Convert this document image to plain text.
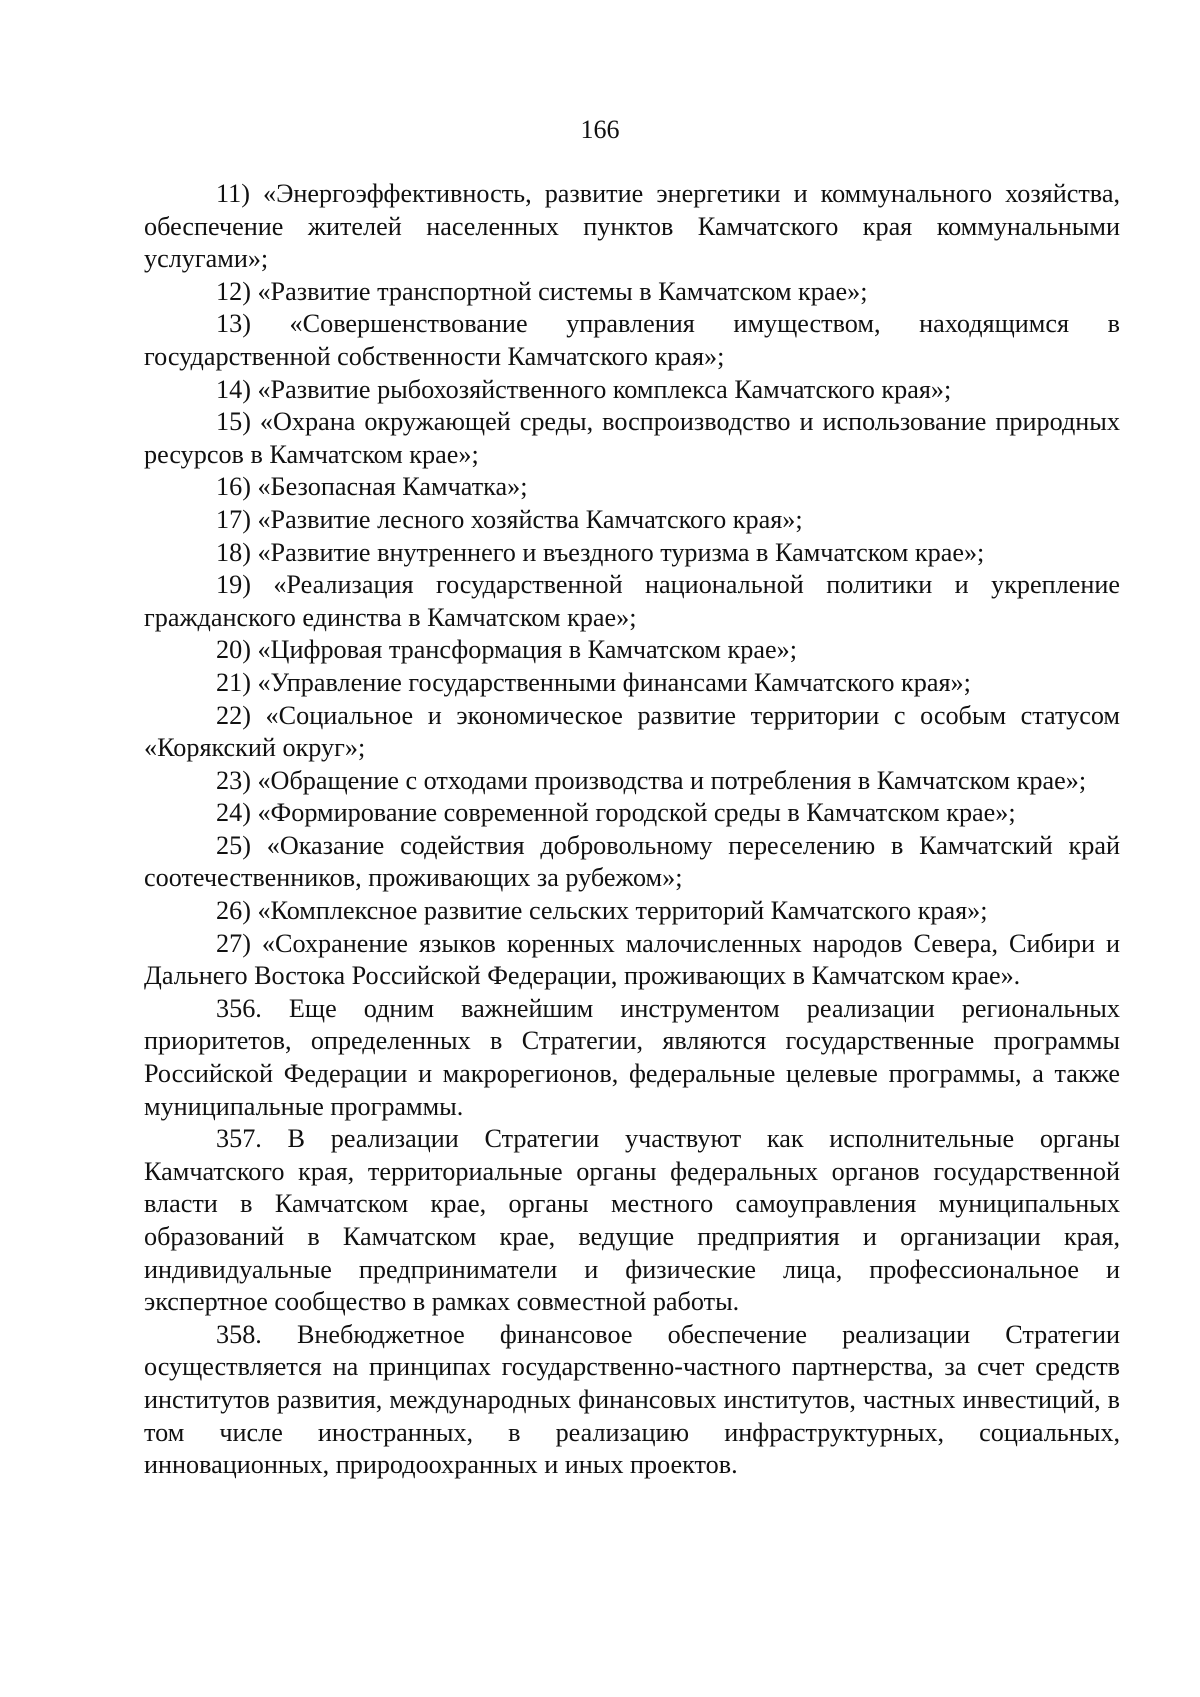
166

11) «Энергоэффективность, развитие энергетики и коммунального хозяйства, обеспечение жителей населенных пунктов Камчатского края коммунальными услугами»;

12) «Развитие транспортной системы в Камчатском крае»;

13) «Совершенствование управления имуществом, находящимся в государственной собственности Камчатского края»;

14) «Развитие рыбохозяйственного комплекса Камчатского края»;

15) «Охрана окружающей среды, воспроизводство и использование природных ресурсов в Камчатском крае»;

16) «Безопасная Камчатка»;

17) «Развитие лесного хозяйства Камчатского края»;

18) «Развитие внутреннего и въездного туризма в Камчатском крае»;

19) «Реализация государственной национальной политики и укрепление гражданского единства в Камчатском крае»;

20) «Цифровая трансформация в Камчатском крае»;

21) «Управление государственными финансами Камчатского края»;

22) «Социальное и экономическое развитие территории с особым статусом «Корякский округ»;

23) «Обращение с отходами производства и потребления в Камчатском крае»;

24) «Формирование современной городской среды в Камчатском крае»;

25) «Оказание содействия добровольному переселению в Камчатский край соотечественников, проживающих за рубежом»;

26) «Комплексное развитие сельских территорий Камчатского края»;

27) «Сохранение языков коренных малочисленных народов Севера, Сибири и Дальнего Востока Российской Федерации, проживающих в Камчатском крае».

356. Еще одним важнейшим инструментом реализации региональных приоритетов, определенных в Стратегии, являются государственные программы Российской Федерации и макрорегионов, федеральные целевые программы, а также муниципальные программы.

357. В реализации Стратегии участвуют как исполнительные органы Камчатского края, территориальные органы федеральных органов государственной власти в Камчатском крае, органы местного самоуправления муниципальных образований в Камчатском крае, ведущие предприятия и организации края, индивидуальные предприниматели и физические лица, профессиональное и экспертное сообщество в рамках совместной работы.

358. Внебюджетное финансовое обеспечение реализации Стратегии осуществляется на принципах государственно-частного партнерства, за счет средств институтов развития, международных финансовых институтов, частных инвестиций, в том числе иностранных, в реализацию инфраструктурных, социальных, инновационных, природоохранных и иных проектов.
